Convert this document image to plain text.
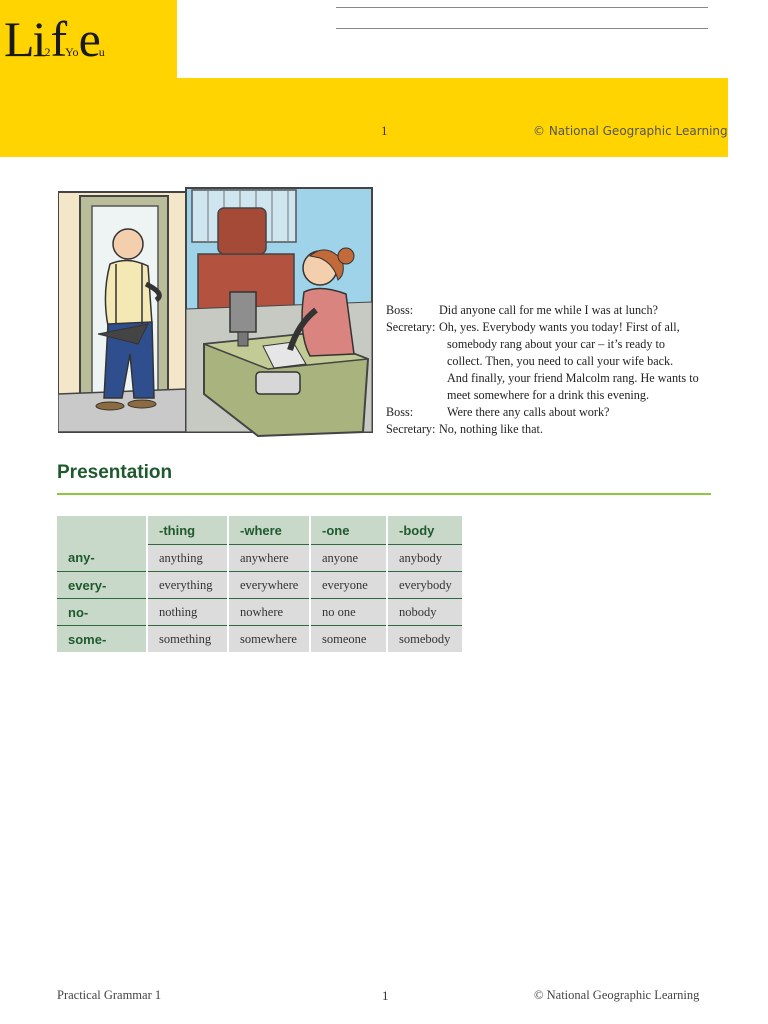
Li2fYoeu
1	© National Geographic Learning
Boss:	Did anyone call for me while I was at lunch?
Secretary: Oh, yes. Everybody wants you today! First of all,
somebody rang about your car – it’s ready to
collect. Then, you need to call your wife back.
And finally, your friend Malcolm rang. He wants to
meet somewhere for a drink this evening.
Boss:	Were there any calls about work?
Secretary: No, nothing like that.
Presentation
	-thing	-where	-one	-body
any-	anything	anywhere	anyone	anybody
every-	everything	everywhere	everyone	everybody
no-	nothing	nowhere	no one	nobody
some-	something	somewhere	someone	somebody
Practical Grammar 1	1	© National Geographic Learning
